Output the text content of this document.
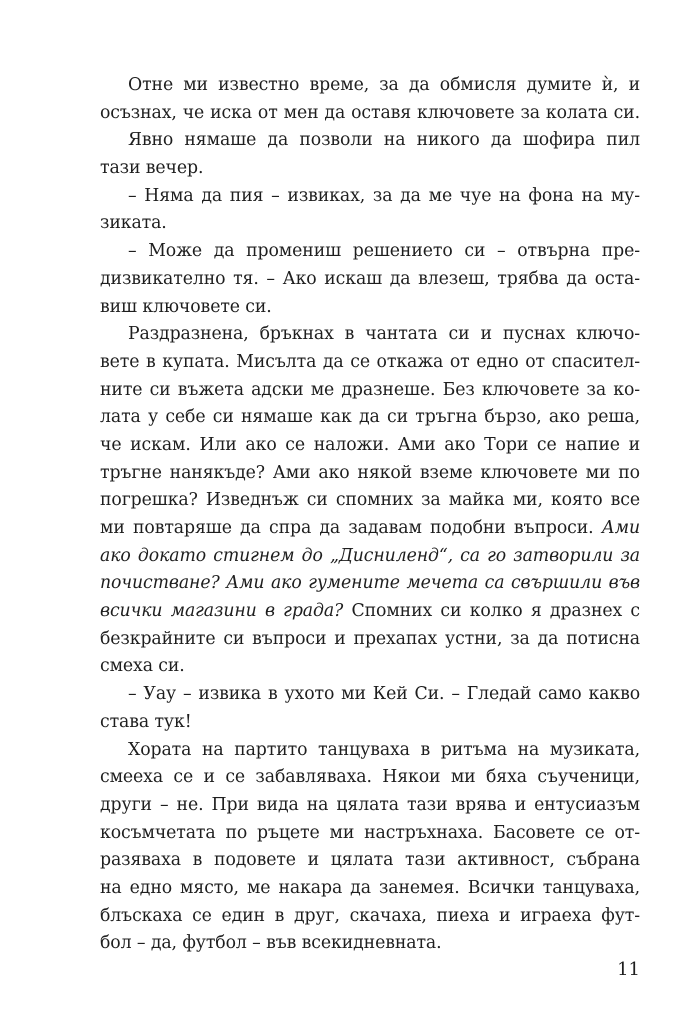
Отне ми известно време, за да обмисля думите ѝ, и
осъзнах, че иска от мен да оставя ключовете за колата си.
Явно нямаше да позволи на никого да шофира пил
тази вечер.
– Няма да пия – извиках, за да ме чуе на фона на му-
зиката.
– Може да промениш решението си – отвърна пре-
дизвикателно тя. – Ако искаш да влезеш, трябва да оста-
виш ключовете си.
Раздразнена, бръкнах в чантата си и пуснах ключо-
вете в купата. Мисълта да се откажа от едно от спасител-
ните си въжета адски ме дразнеше. Без ключовете за ко-
лата у себе си нямаше как да си тръгна бързо, ако реша,
че искам. Или ако се наложи. Ами ако Тори се напие и
тръгне нанякъде? Ами ако някой вземе ключовете ми по
погрешка? Изведнъж си спомних за майка ми, която все
ми повтаряше да спра да задавам подобни въпроси. Ами
ако докато стигнем до „Дисниленд“, са го затворили за
почистване? Ами ако гумените мечета са свършили във
всички магазини в града? Спомних си колко я дразнех с
безкрайните си въпроси и прехапах устни, за да потисна
смеха си.
– Уау – извика в ухото ми Кей Си. – Гледай само какво
става тук!
Хората на партито танцуваха в ритъма на музиката,
смееха се и се забавляваха. Някои ми бяха съученици,
други – не. При вида на цялата тази врява и ентусиазъм
косъмчетата по ръцете ми настръхнаха. Басовете се от-
разяваха в подовете и цялата тази активност, събрана
на едно място, ме накара да занемея. Всички танцуваха,
блъскаха се един в друг, скачаха, пиеха и играеха фут-
бол – да, футбол – във всекидневната.
11
